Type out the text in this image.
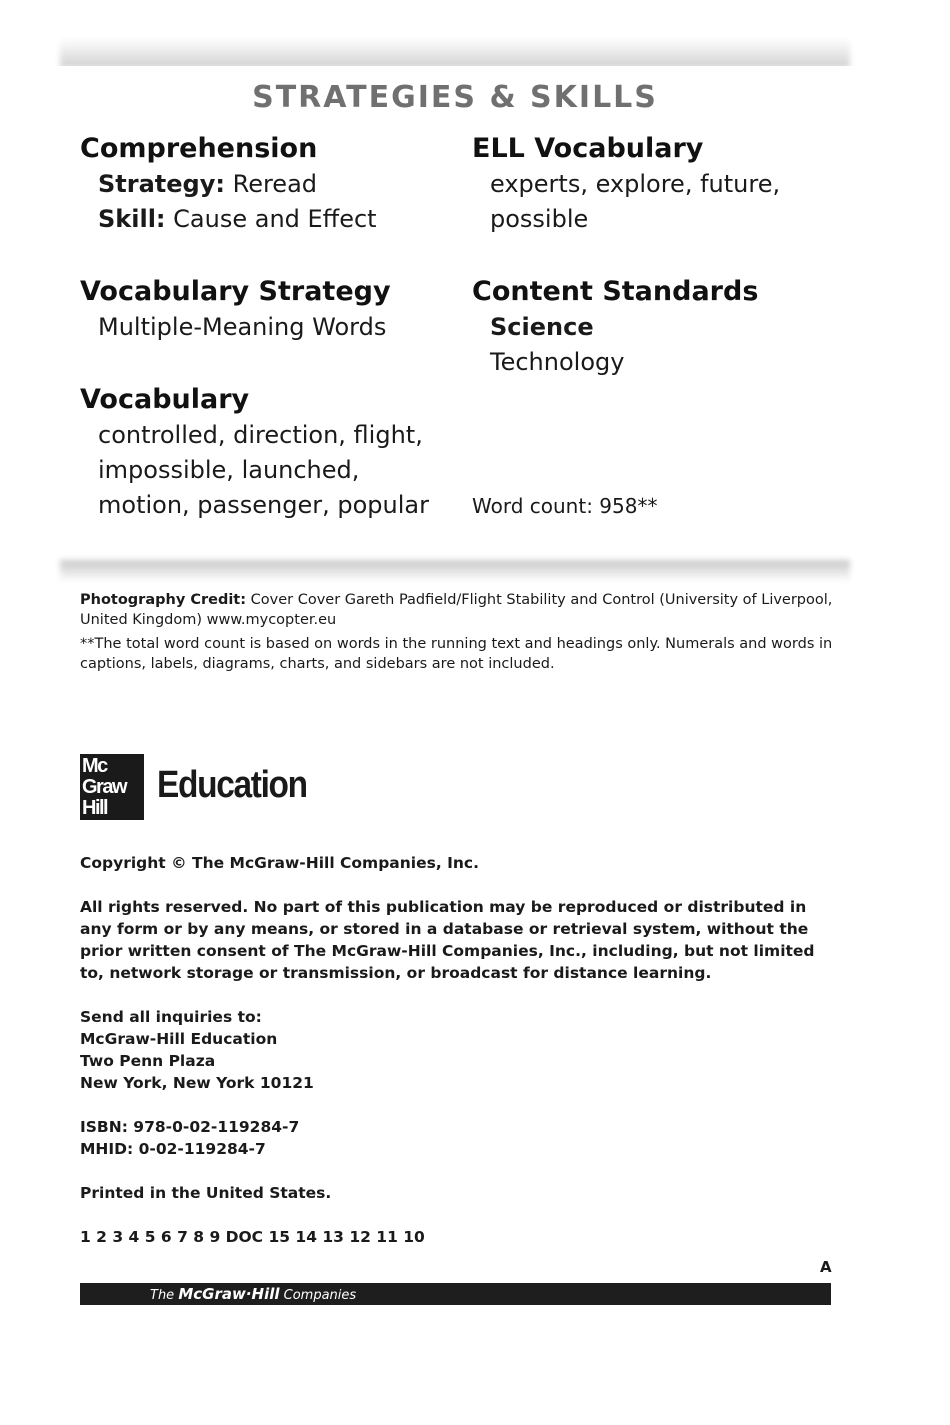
STRATEGIES & SKILLS
Comprehension
Strategy: Reread
Skill: Cause and Effect
Vocabulary Strategy
Multiple-Meaning Words
Vocabulary
controlled, direction, flight,
impossible, launched,
motion, passenger, popular
ELL Vocabulary
experts, explore, future,
possible
Content Standards
Science
Technology
Word count: 958**

Photography Credit: Cover Cover Gareth Padfield/Flight Stability and Control (University of Liverpool, United Kingdom) www.mycopter.eu

**The total word count is based on words in the running text and headings only. Numerals and words in captions, labels, diagrams, charts, and sidebars are not included.

Mc
Graw
Hill
Education

Copyright © The McGraw-Hill Companies, Inc.

All rights reserved. No part of this publication may be reproduced or distributed in any form or by any means, or stored in a database or retrieval system, without the prior written consent of The McGraw-Hill Companies, Inc., including, but not limited to, network storage or transmission, or broadcast for distance learning.

Send all inquiries to:
McGraw-Hill Education
Two Penn Plaza
New York, New York 10121
ISBN: 978-0-02-119284-7
MHID: 0-02-119284-7

Printed in the United States.

1 2 3 4 5 6 7 8 9 DOC 15 14 13 12 11 10

A
The McGraw·Hill Companies
